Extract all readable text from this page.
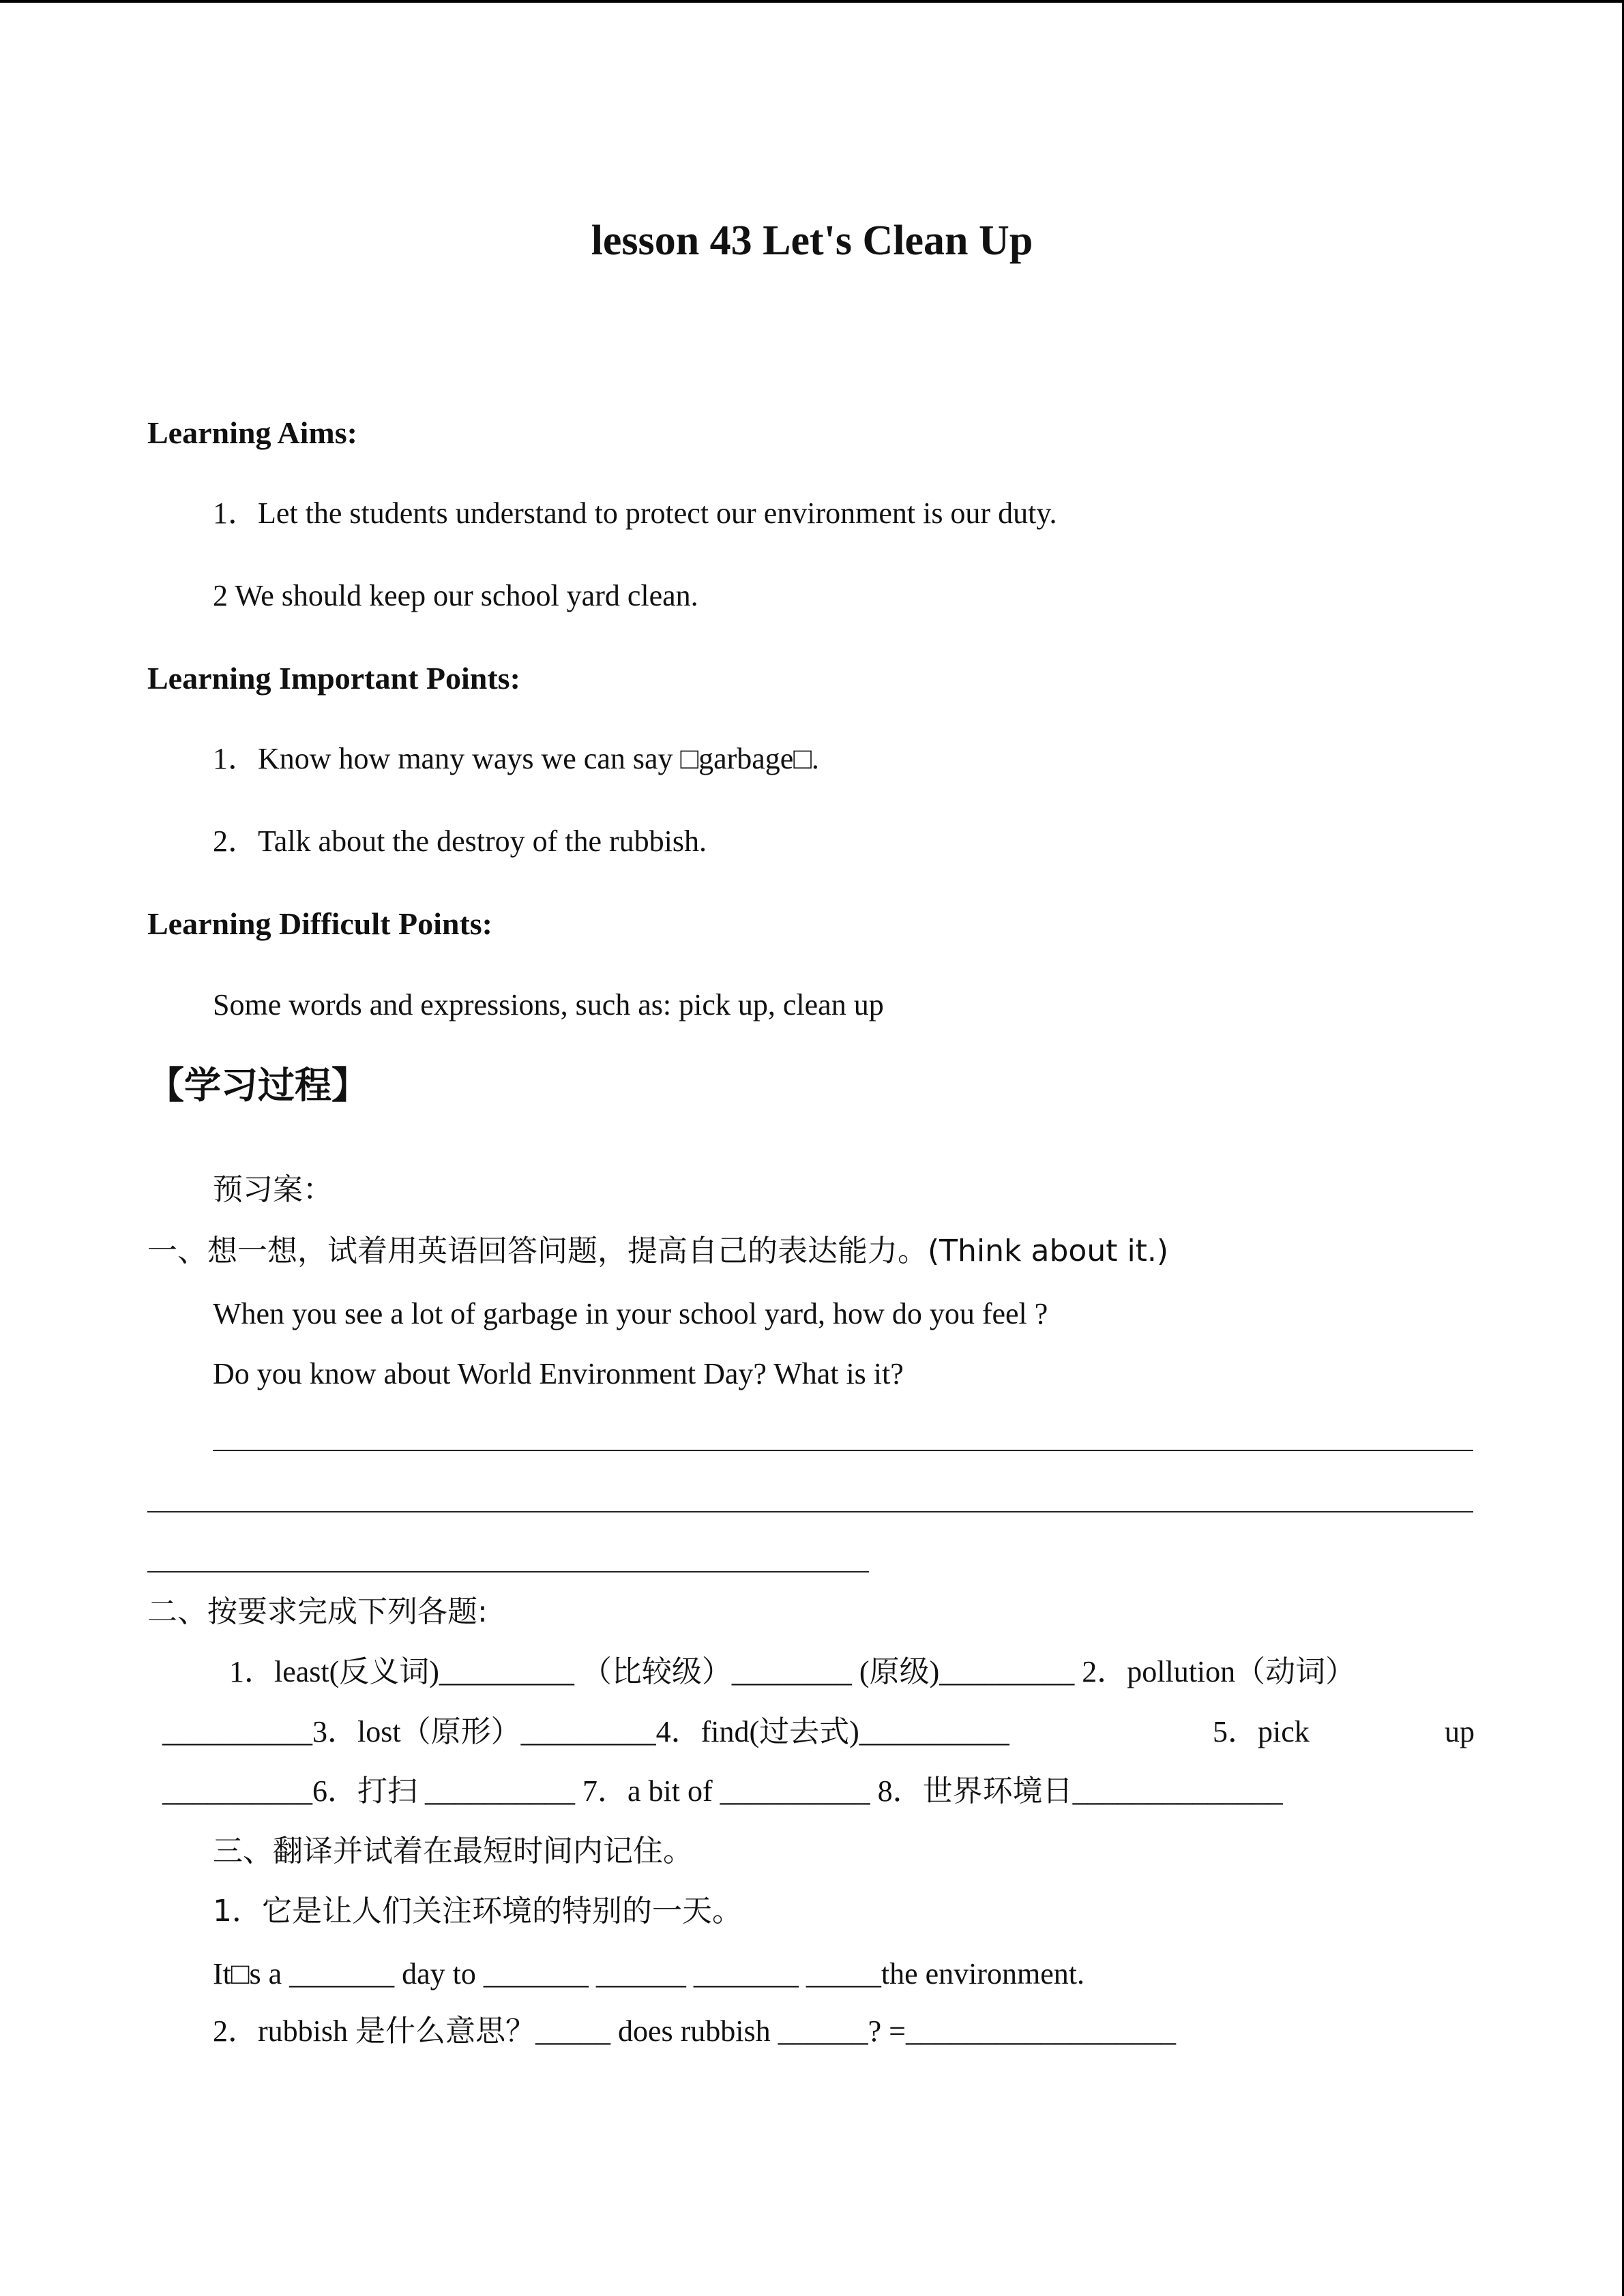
lesson 43 Let's Clean Up
Learning Aims:
1．Let the students understand to protect our environment is our duty.
2 We should keep our school yard clean.
Learning Important Points:
1．Know how many ways we can say □garbage□.
2．Talk about the destroy of the rubbish.
Learning Difficult Points:
Some words and expressions, such as: pick up, clean up
【学习过程】
预习案：
一、想一想，试着用英语回答问题，提高自己的表达能力。(Think about it.)
When you see a lot of garbage in your school yard, how do you feel ?
Do you know about World Environment Day? What is it?
二、按要求完成下列各题:
1．least(反义词)_________ （比较级）________ (原级)_________ 2．pollution（动词）
__________3．lost（原形）_________4．find(过去式)__________	5．pick	up
__________6．打扫 __________ 7．a bit of __________ 8．世界环境日______________
三、翻译并试着在最短时间内记住。
1．它是让人们关注环境的特别的一天。
It□s a _______ day to _______ ______ _______ _____the environment.
2．rubbish 是什么意思？_____ does rubbish ______? =__________________
